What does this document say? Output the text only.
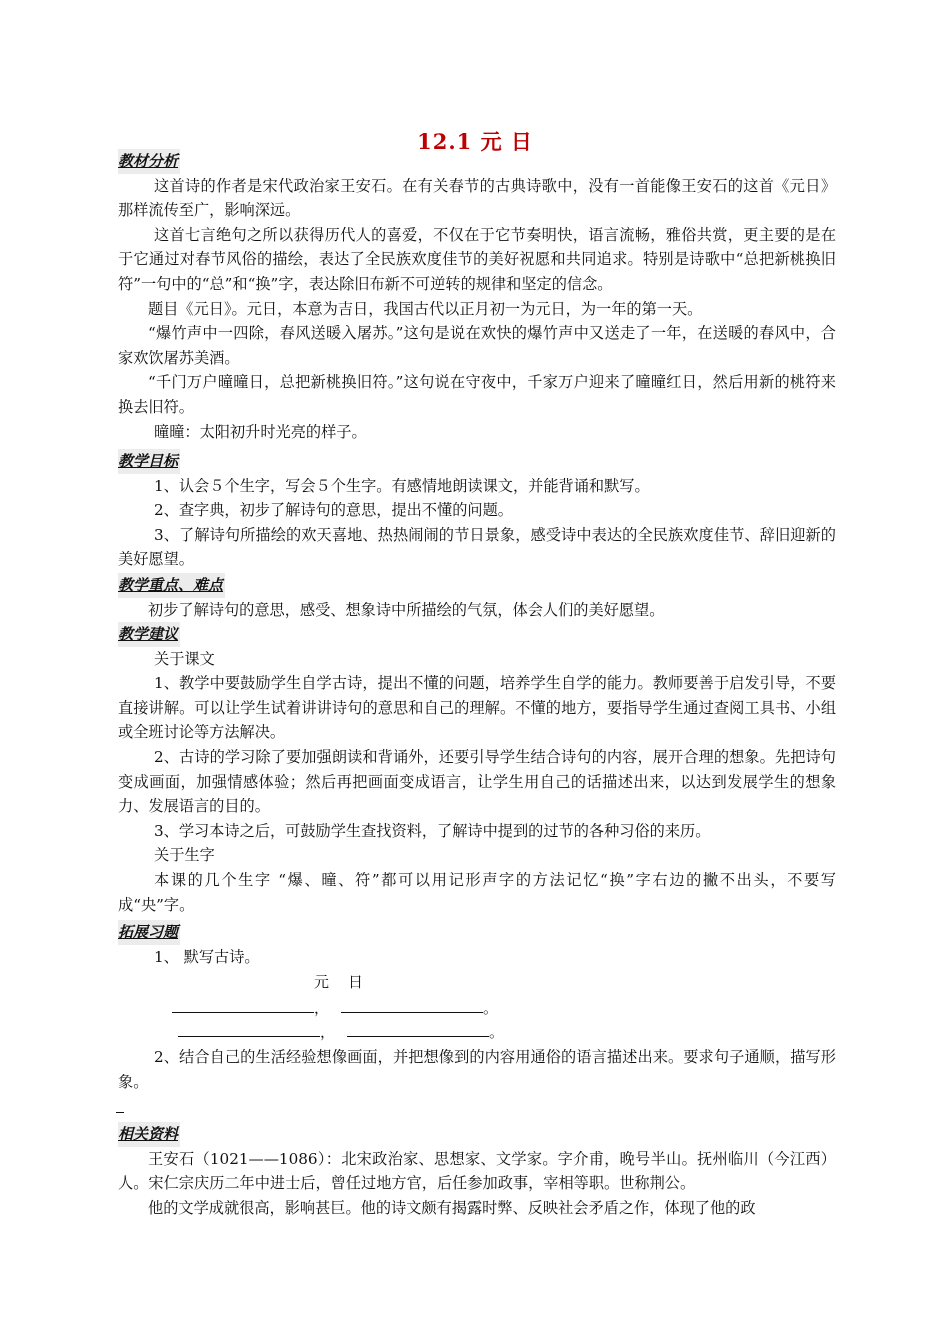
12.1 元 日
教材分析

这首诗的作者是宋代政治家王安石。在有关春节的古典诗歌中，没有一首能像王安石的这首《元日》那样流传至广，影响深远。

这首七言绝句之所以获得历代人的喜爱，不仅在于它节奏明快，语言流畅，雅俗共赏，更主要的是在于它通过对春节风俗的描绘，表达了全民族欢度佳节的美好祝愿和共同追求。特别是诗歌中“总把新桃换旧符”一句中的“总”和“换”字，表达除旧布新不可逆转的规律和坚定的信念。

题目《元日》。元日，本意为吉日，我国古代以正月初一为元日，为一年的第一天。

“爆竹声中一四除，春风送暖入屠苏。”这句是说在欢快的爆竹声中又送走了一年，在送暖的春风中，合家欢饮屠苏美酒。

“千门万户曈曈日，总把新桃换旧符。”这句说在守夜中，千家万户迎来了曈曈红日，然后用新的桃符来换去旧符。

曈曈：太阳初升时光亮的样子。

教学目标

1、认会５个生字，写会５个生字。有感情地朗读课文，并能背诵和默写。

2、查字典，初步了解诗句的意思，提出不懂的问题。

3、了解诗句所描绘的欢天喜地、热热闹闹的节日景象，感受诗中表达的全民族欢度佳节、辞旧迎新的美好愿望。

教学重点、难点

初步了解诗句的意思，感受、想象诗中所描绘的气氛，体会人们的美好愿望。

教学建议

关于课文

1、教学中要鼓励学生自学古诗，提出不懂的问题，培养学生自学的能力。教师要善于启发引导，不要直接讲解。可以让学生试着讲讲诗句的意思和自己的理解。不懂的地方，要指导学生通过查阅工具书、小组或全班讨论等方法解决。

2、古诗的学习除了要加强朗读和背诵外，还要引导学生结合诗句的内容，展开合理的想象。先把诗句变成画面，加强情感体验；然后再把画面变成语言，让学生用自己的话描述出来，以达到发展学生的想象力、发展语言的目的。

3、学习本诗之后，可鼓励学生查找资料，了解诗中提到的过节的各种习俗的来历。

关于生字

本课的几个生字 “爆、曈、符”都可以用记形声字的方法记忆“换”字右边的撇不出头，不要写成“央”字。

拓展习题

1、 默写古诗。

元　日
，	。
，	。

2、结合自己的生活经验想像画面，并把想像到的内容用通俗的语言描述出来。要求句子通顺，描写形象。

相关资料

王安石（1021——1086）：北宋政治家、思想家、文学家。字介甫，晚号半山。抚州临川（今江西）人。宋仁宗庆历二年中进士后，曾任过地方官，后任参加政事，宰相等职。世称荆公。

他的文学成就很高，影响甚巨。他的诗文颇有揭露时弊、反映社会矛盾之作，体现了他的政
